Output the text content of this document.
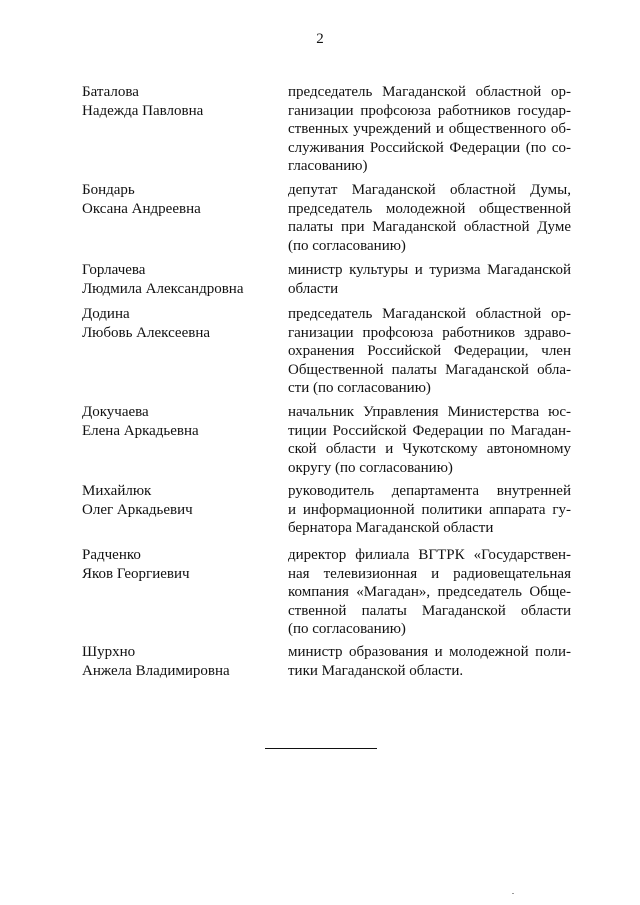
2
Баталова
Надежда Павловна
председатель Магаданской областной ор-
ганизации профсоюза работников государ-
ственных учреждений и общественного об-
служивания Российской Федерации (по со-
гласованию)
Бондарь
Оксана Андреевна
депутат Магаданской областной Думы,
председатель молодежной общественной
палаты при Магаданской областной Думе
(по согласованию)
Горлачева
Людмила Александровна
министр культуры и туризма Магаданской
области
Додина
Любовь Алексеевна
председатель Магаданской областной ор-
ганизации профсоюза работников здраво-
охранения Российской Федерации, член
Общественной палаты Магаданской обла-
сти (по согласованию)
Докучаева
Елена Аркадьевна
начальник Управления Министерства юс-
тиции Российской Федерации по Магадан-
ской области и Чукотскому автономному
округу (по согласованию)
Михайлюк
Олег Аркадьевич
руководитель департамента внутренней
и информационной политики аппарата гу-
бернатора Магаданской области
Радченко
Яков Георгиевич
директор филиала ВГТРК «Государствен-
ная телевизионная и радиовещательная
компания «Магадан», председатель Обще-
ственной палаты Магаданской области
(по согласованию)
Шурхно
Анжела Владимировна
министр образования и молодежной поли-
тики Магаданской области.
